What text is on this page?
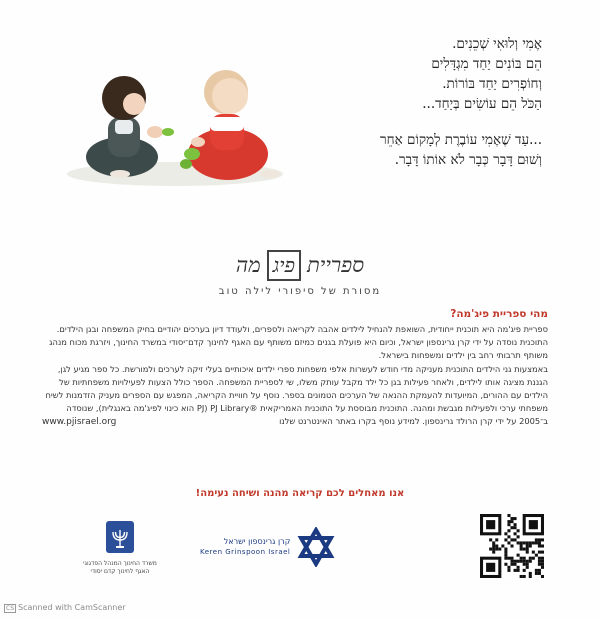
אֶמִי וְלוּאִי שְׁכֵנִים.
הֵם בּוֹנִים יַחַד מִגְדָּלִים
וְחוֹפְרִים יַחַד בּוֹרוֹת.
הַכֹּל הֵם עוֹשִׂים בְּיַחַד...
...עַד שֶׁאֶמִי עוֹבֶרֶת לְמָקוֹם אַחֵר
וְשׁוּם דָּבָר כְּבָר לֹא אוֹתוֹ דָּבָר.
ספריית
פיג
מה
מסורת של סיפורי לילה טוב
מהי ספריית פיג'מה?

ספריית פיג'מה היא תוכנית ייחודית, השואפת להנחיל לילדים אהבה לקריאה ולספרים, ולעודד דיון בערכים יהודיים בחיק המשפחה ובגן הילדים. התוכנית נוסדה על ידי קרן גרינספון ישראל, וכיום היא פועלת בגנים כמיזם משותף עם האגף לחינוך קדם־יסודי במשרד החינוך, ויזרגת מכוח מנהג משותף תרבותי רחב בין ילדים ומשפחות בישראל.

באמצעות גני הילדים התוכנית מעניקה מדי חודש לעשרות אלפי משפחות ספרי ילדים איכותיים בעלי זיקה לערכים ולמורשת. כל ספר מגיע לגן, הגננת מציגה אותו לילדים, ולאחר פעילות בגן כל ילד מקבל עותק משלו, שי לספריית המשפחה. הספר כולל הצעות לפעילויות משפחתיות של הילדים עם ההורים, המיועדות להעמקת ההנאה של הערכים הטמונים בספר. נוסף על חוויית הקריאה, המפגש עם הספרים מעניק הזדמנות לשיח משפחתי ערכי ולפעילות מגבשת ומהנה. התוכנית מבוססת על התוכנית האמריקאית ®PJ Library (‏PJ הוא כינוי לפיג'מה באנגלית), שנוסדה ב־2005 על ידי קרן הרולד גרינספון. למידע נוסף בקרו באתר האינטרנט שלנו

www.pjisrael.org
אנו מאחלים לכם קריאה מהנה ושיחה נעימה!
משרד החינוך המנהל הפדגוגי האגף לחינוך קדם יסודי
קרן גרינספון ישראל
Keren Grinspoon Israel
CS Scanned with CamScanner
